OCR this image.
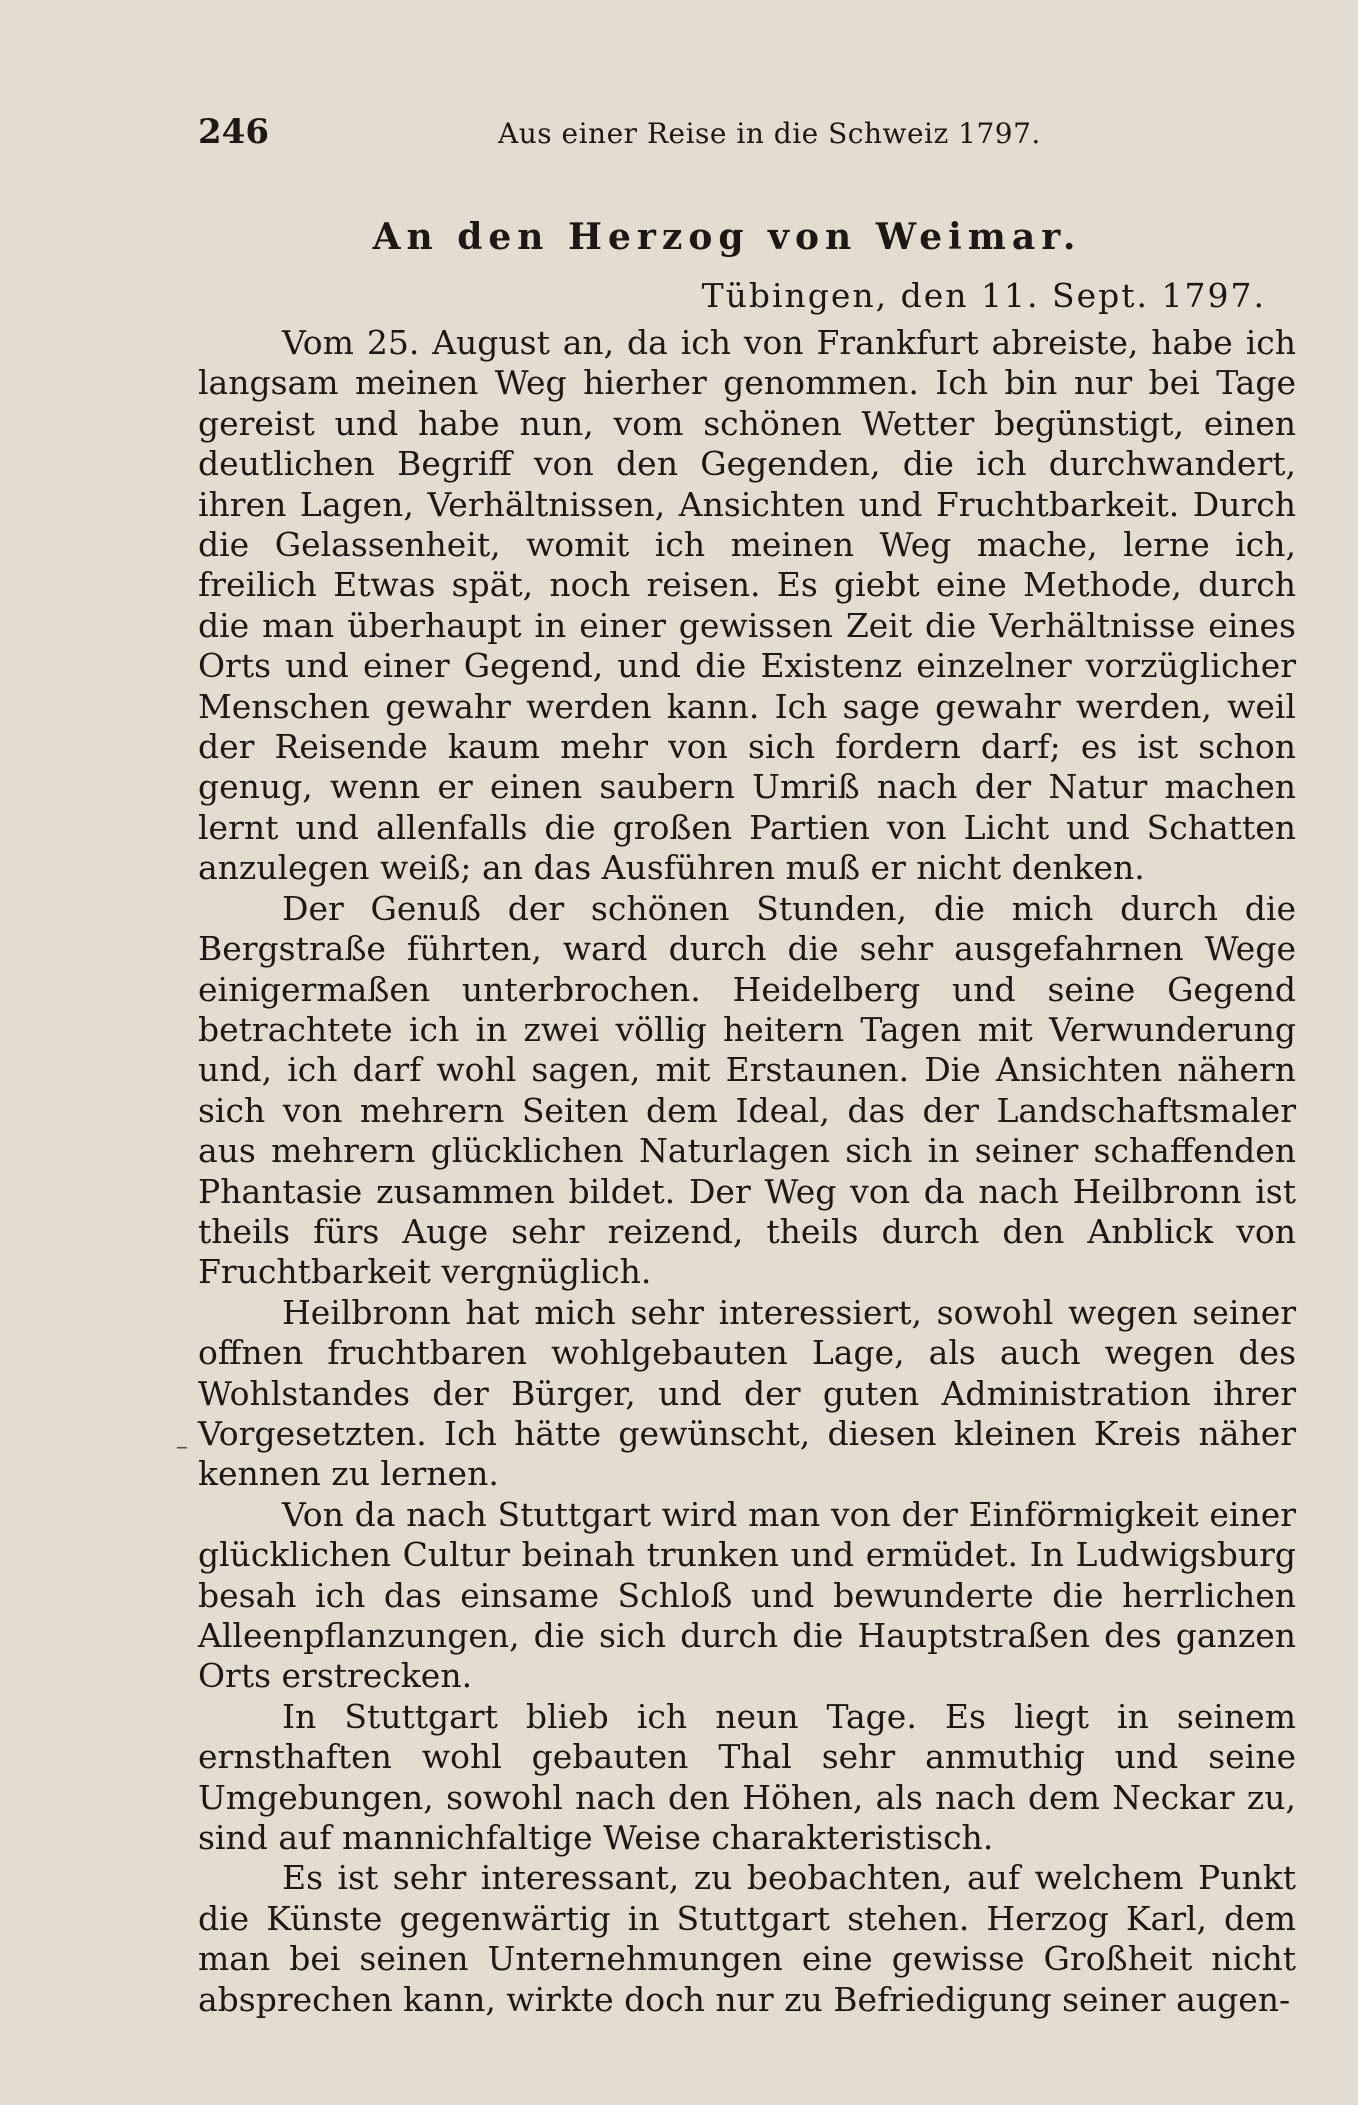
246	Aus einer Reise in die Schweiz 1797.
An den Herzog von Weimar.
Tübingen, den 11. Sept. 1797.

Vom 25. August an, da ich von Frankfurt abreiste, habe ich langsam meinen Weg hierher genommen. Ich bin nur bei Tage gereist und habe nun, vom schönen Wetter begünstigt, einen deutlichen Begriff von den Gegenden, die ich durchwandert, ihren Lagen, Verhältnissen, Ansichten und Fruchtbarkeit. Durch die Gelassenheit, womit ich meinen Weg mache, lerne ich, freilich Etwas spät, noch reisen. Es giebt eine Methode, durch die man überhaupt in einer gewissen Zeit die Verhältnisse eines Orts und einer Gegend, und die Existenz einzelner vorzüglicher Menschen gewahr werden kann. Ich sage gewahr werden, weil der Reisende kaum mehr von sich fordern darf; es ist schon genug, wenn er einen saubern Umriß nach der Natur machen lernt und allenfalls die großen Partien von Licht und Schatten anzulegen weiß; an das Ausführen muß er nicht denken.

Der Genuß der schönen Stunden, die mich durch die Bergstraße führten, ward durch die sehr ausgefahrnen Wege einigermaßen unterbrochen. Heidelberg und seine Gegend betrachtete ich in zwei völlig heitern Tagen mit Verwunderung und, ich darf wohl sagen, mit Erstaunen. Die Ansichten nähern sich von mehrern Seiten dem Ideal, das der Landschaftsmaler aus mehrern glücklichen Naturlagen sich in seiner schaffenden Phantasie zusammen bildet. Der Weg von da nach Heilbronn ist theils fürs Auge sehr reizend, theils durch den Anblick von Fruchtbarkeit vergnüglich.

Heilbronn hat mich sehr interessiert, sowohl wegen seiner offnen fruchtbaren wohlgebauten Lage, als auch wegen des Wohlstandes der Bürger, und der guten Administration ihrer Vorgesetzten. Ich hätte gewünscht, diesen kleinen Kreis näher kennen zu lernen.

Von da nach Stuttgart wird man von der Einförmigkeit einer glücklichen Cultur beinah trunken und ermüdet. In Ludwigsburg besah ich das einsame Schloß und bewunderte die herrlichen Alleenpflanzungen, die sich durch die Hauptstraßen des ganzen Orts erstrecken.

In Stuttgart blieb ich neun Tage. Es liegt in seinem ernsthaften wohl gebauten Thal sehr anmuthig und seine Umgebungen, sowohl nach den Höhen, als nach dem Neckar zu, sind auf mannichfaltige Weise charakteristisch.

Es ist sehr interessant, zu beobachten, auf welchem Punkt die Künste gegenwärtig in Stuttgart stehen. Herzog Karl, dem man bei seinen Unternehmungen eine gewisse Großheit nicht absprechen kann, wirkte doch nur zu Befriedigung seiner augen-

–
